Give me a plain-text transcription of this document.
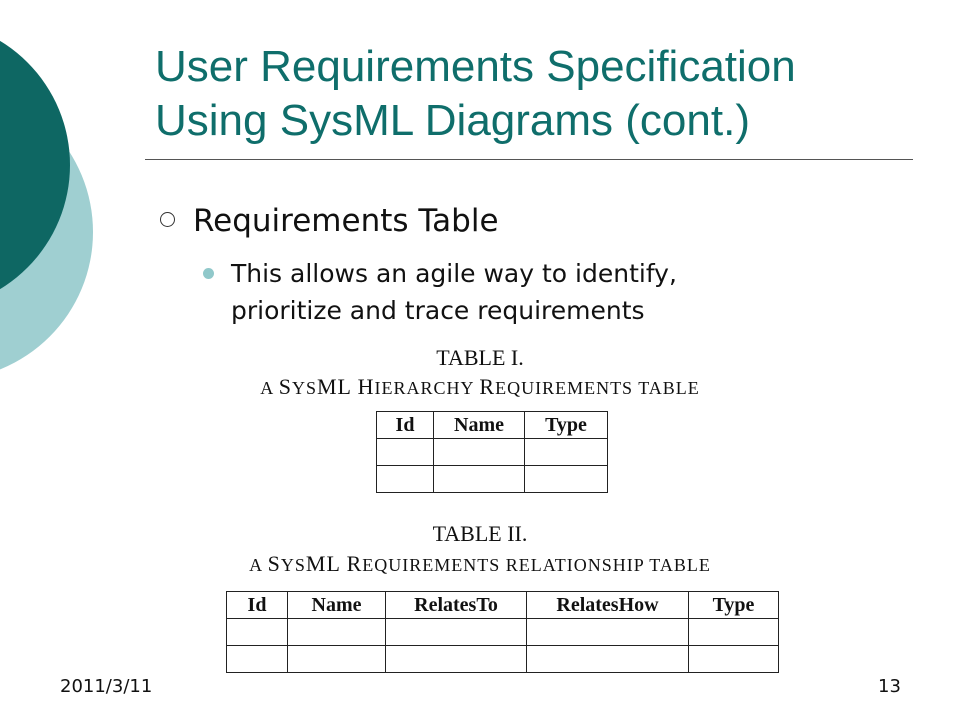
User Requirements Specification
Using SysML Diagrams (cont.)
Requirements Table
This allows an agile way to identify,
prioritize and trace requirements
TABLE I.
A SYSML HIERARCHY REQUIREMENTS TABLE
Id	Name	Type

TABLE II.
A SYSML REQUIREMENTS RELATIONSHIP TABLE
Id	Name	RelatesTo	RelatesHow	Type

2011/3/11	13
